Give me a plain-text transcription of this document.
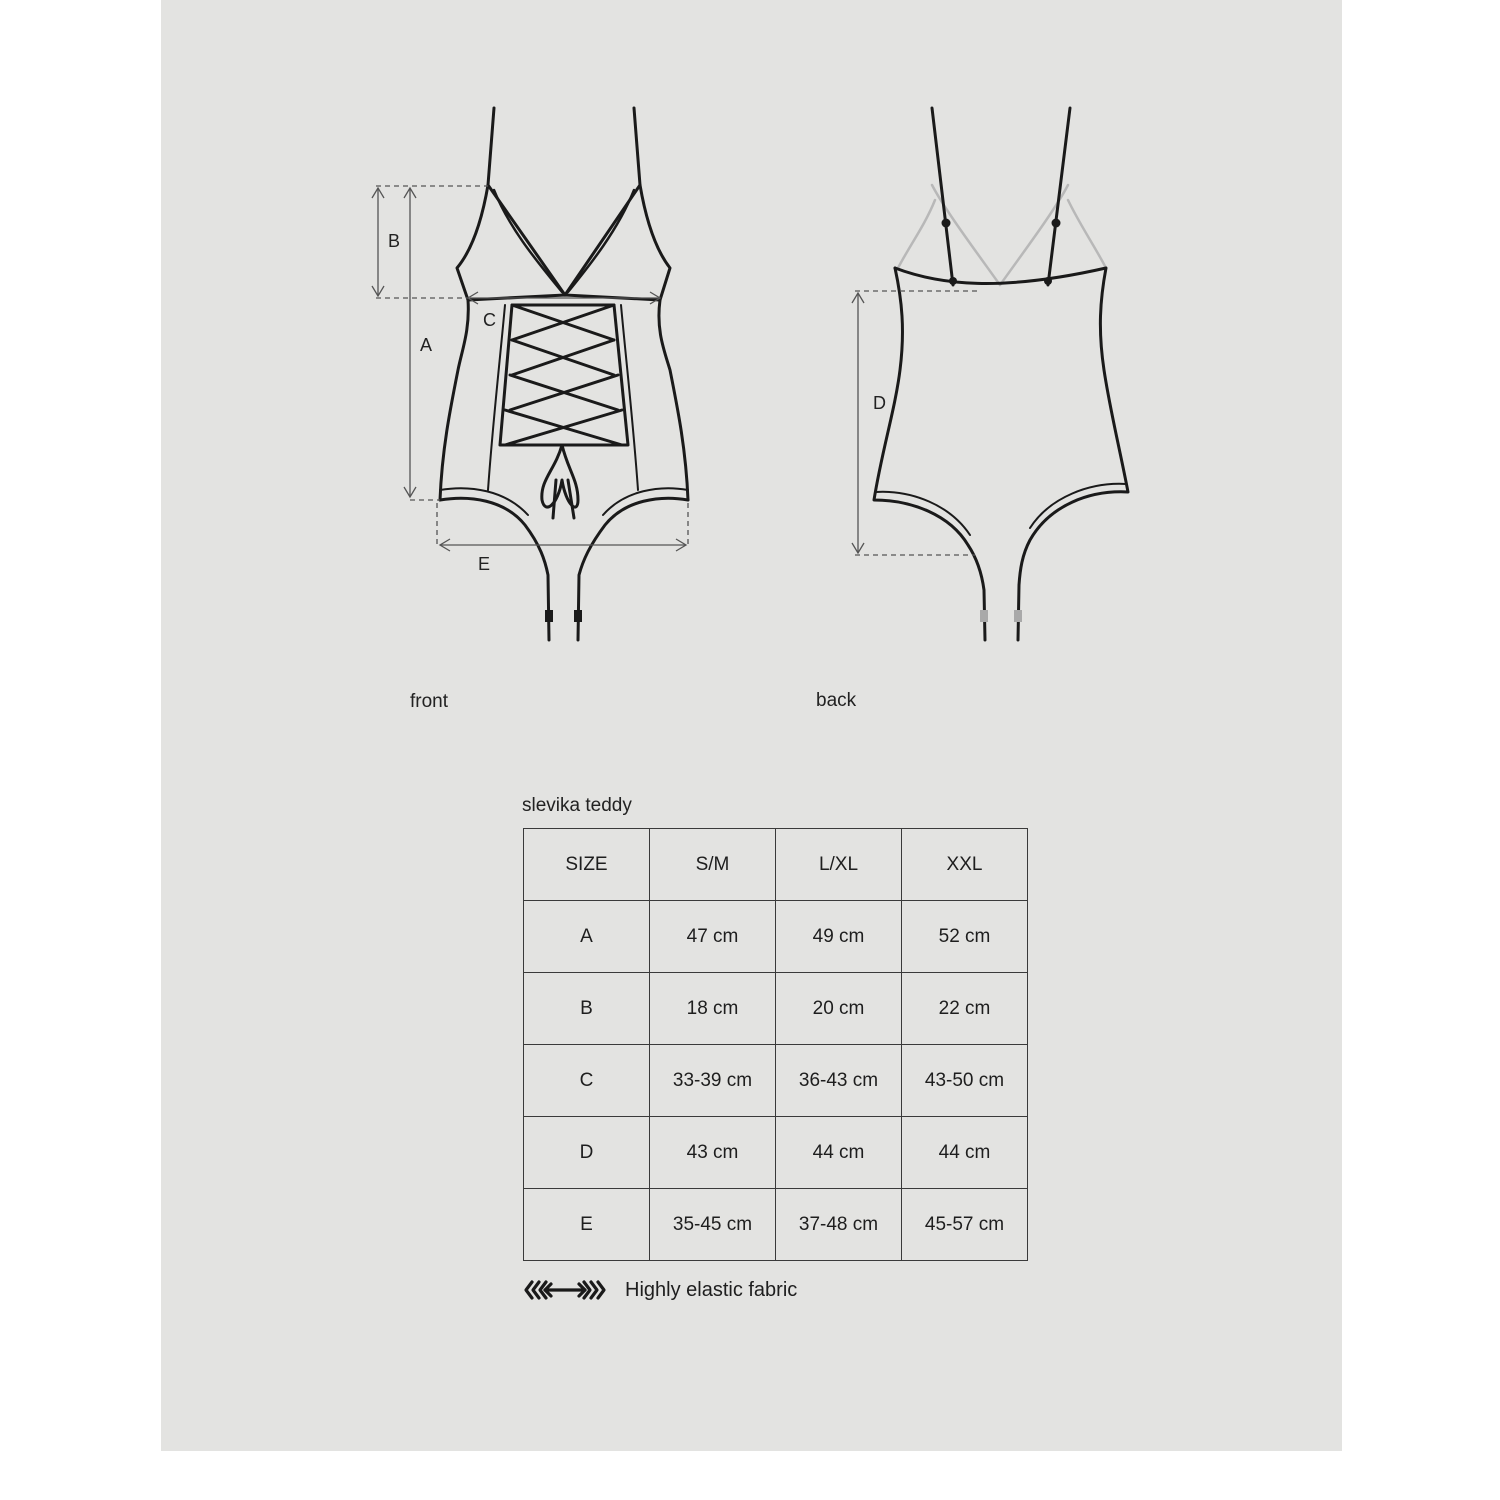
B
A
C
E
D
front	back
slevika teddy
SIZE	S/M	L/XL	XXL
A	47 cm	49 cm	52 cm
B	18 cm	20 cm	22 cm
C	33-39 cm	36-43 cm	43-50 cm
D	43 cm	44 cm	44 cm
E	35-45 cm	37-48 cm	45-57 cm
Highly elastic fabric
